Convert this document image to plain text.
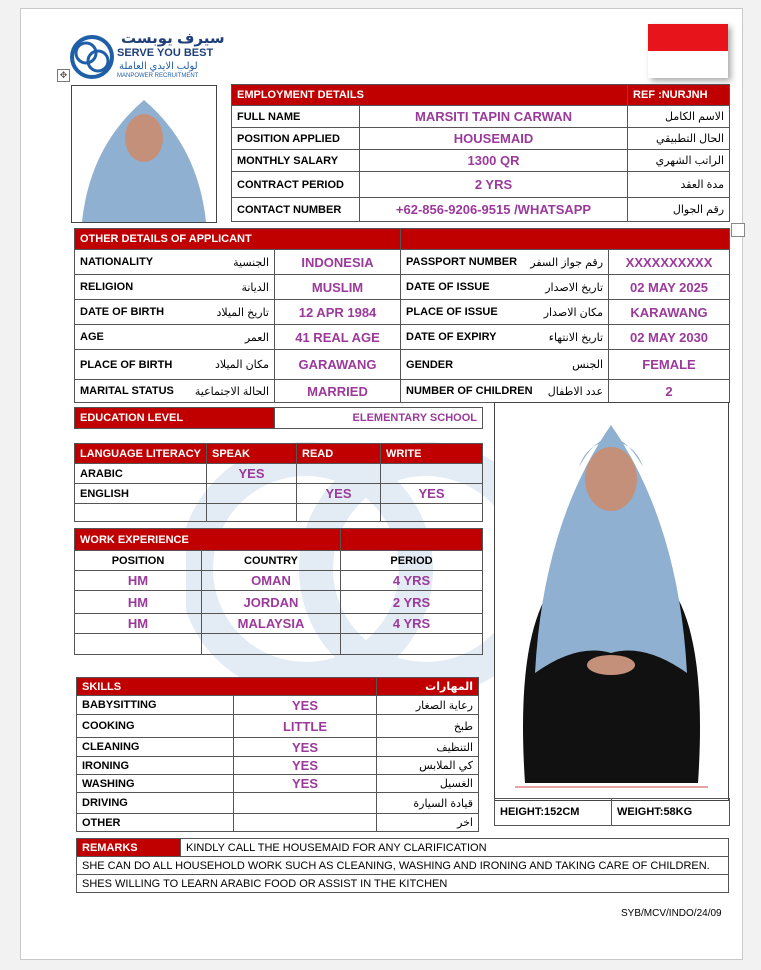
سيرف يوبست
SERVE YOU BEST
لولب الايدي العاملة
MANPOWER RECRUITMENT
✥
EMPLOYMENT DETAILS		REF :NURJNH
FULL NAME	MARSITI TAPIN CARWAN	الاسم الكامل
POSITION APPLIED	HOUSEMAID	الحال التطبيقي
MONTHLY SALARY	1300 QR	الراتب الشهري
CONTRACT PERIOD	2 YRS	مدة العقد
CONTACT NUMBER	+62-856-9206-9515 /WHATSAPP	رقم الجوال
OTHER DETAILS OF APPLICANT			

NATIONALITY الجنسية	INDONESIA	PASSPORT NUMBER رقم جواز السفر	XXXXXXXXXX

RELIGION الديانة	MUSLIM	DATE OF ISSUE تاريخ الاصدار	02 MAY 2025

DATE OF BIRTH تاريخ الميلاد	12 APR 1984	PLACE OF ISSUE مكان الاصدار	KARAWANG

AGE العمر	41 REAL AGE	DATE OF EXPIRY تاريخ الانتهاء	02 MAY 2030

PLACE OF BIRTH مكان الميلاد	GARAWANG	GENDER الجنس	FEMALE

MARITAL STATUS الحالة الاجتماعية	MARRIED	NUMBER OF CHILDREN عدد الاطفال	2
EDUCATION LEVEL	ELEMENTARY SCHOOL
LANGUAGE LITERACY	SPEAK	READ	WRITE
ARABIC	YES		
ENGLISH		YES	YES

WORK EXPERIENCE		
POSITION	COUNTRY	PERIOD
HM	OMAN	4 YRS
HM	JORDAN	2 YRS
HM	MALAYSIA	4 YRS

SKILLS		المهارات
BABYSITTING	YES	رعاية الصغار
COOKING	LITTLE	طبخ
CLEANING	YES	التنظيف
IRONING	YES	كي الملابس
WASHING	YES	الغسيل
DRIVING		قيادة السيارة
OTHER		اخر
HEIGHT:152CM	WEIGHT:58KG
REMARKS	KINDLY CALL THE HOUSEMAID FOR ANY CLARIFICATION
SHE CAN DO ALL HOUSEHOLD WORK SUCH AS CLEANING, WASHING AND IRONING AND TAKING CARE OF CHILDREN.
SHES WILLING TO LEARN ARABIC FOOD OR ASSIST IN THE KITCHEN
SYB/MCV/INDO/24/09
